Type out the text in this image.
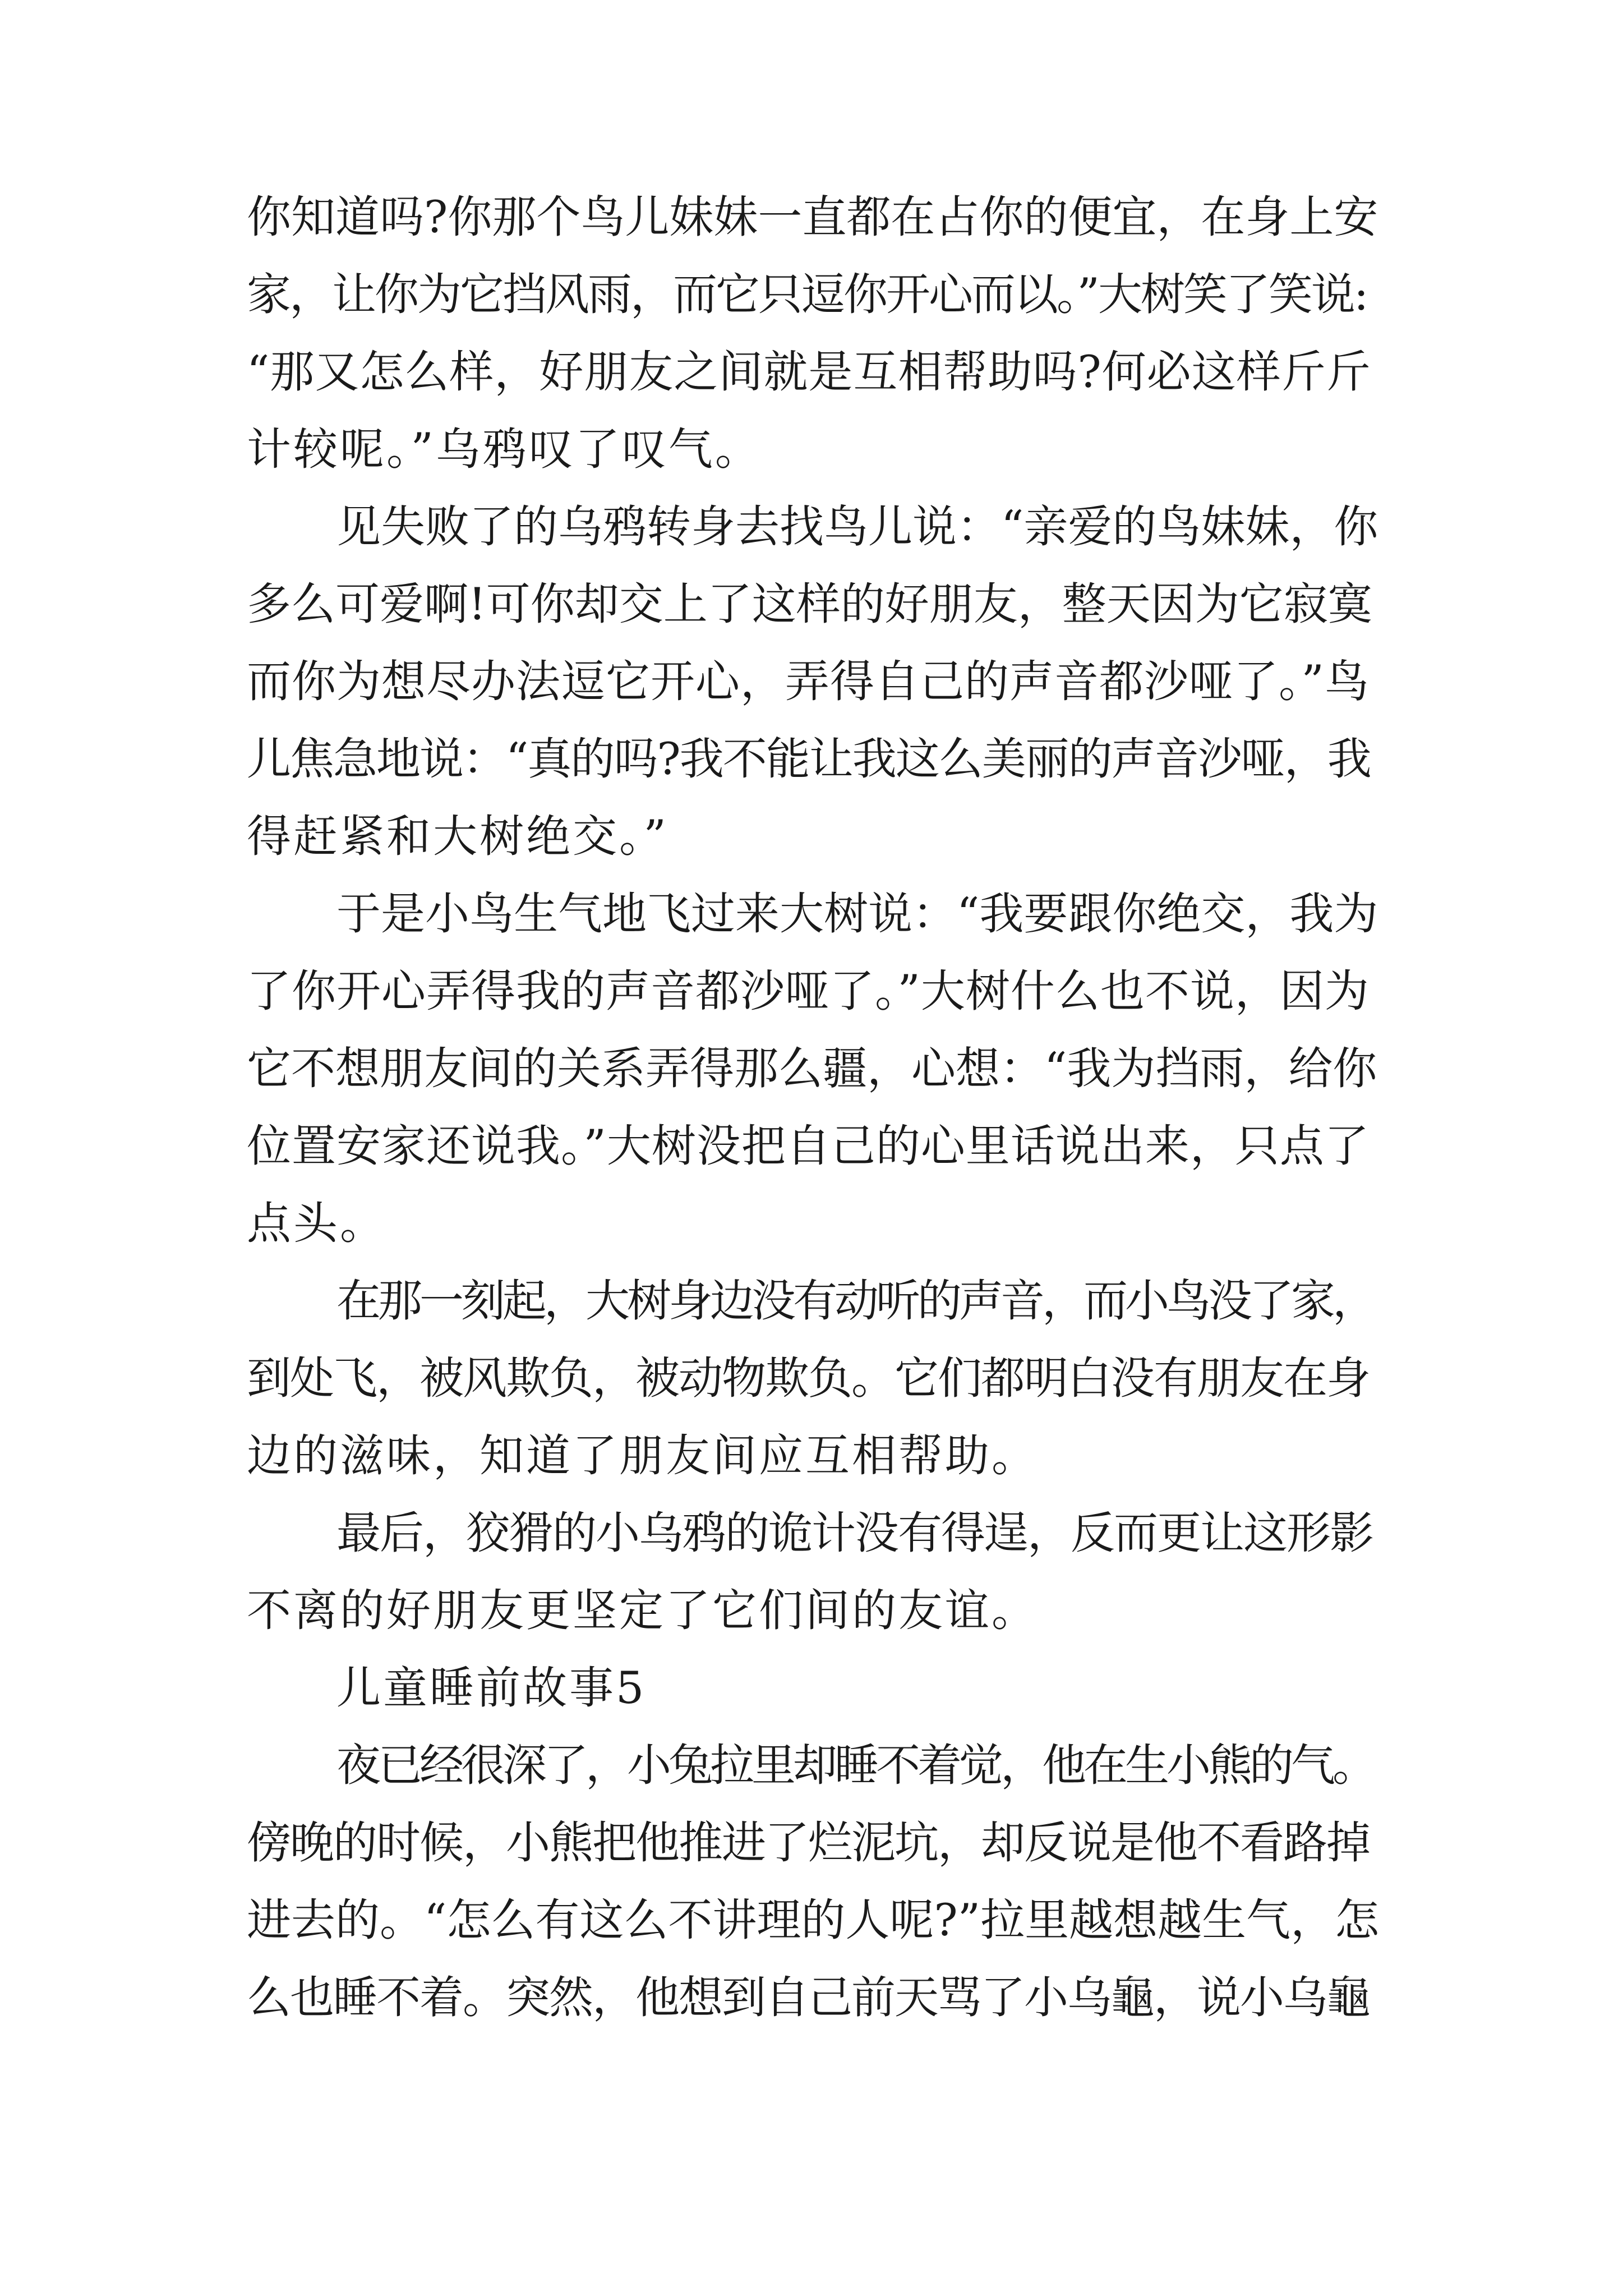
你知道吗?你那个鸟儿妹妹一直都在占你的便宜，在身上安
家，让你为它挡风雨，而它只逗你开心而以。”大树笑了笑说:
“那又怎么样，好朋友之间就是互相帮助吗?何必这样斤斤
计较呢。”乌鸦叹了叹气。
见失败了的乌鸦转身去找鸟儿说：“亲爱的鸟妹妹，你
多么可爱啊!可你却交上了这样的好朋友，整天因为它寂寞
而你为想尽办法逗它开心，弄得自己的声音都沙哑了。”鸟
儿焦急地说：“真的吗?我不能让我这么美丽的声音沙哑，我
得赶紧和大树绝交。”
于是小鸟生气地飞过来大树说：“我要跟你绝交，我为
了你开心弄得我的声音都沙哑了。”大树什么也不说，因为
它不想朋友间的关系弄得那么疆，心想：“我为挡雨，给你
位置安家还说我。”大树没把自己的心里话说出来，只点了
点头。
在那一刻起，大树身边没有动听的声音，而小鸟没了家，
到处飞，被风欺负，被动物欺负。它们都明白没有朋友在身
边的滋味，知道了朋友间应互相帮助。
最后，狡猾的小乌鸦的诡计没有得逞，反而更让这形影
不离的好朋友更坚定了它们间的友谊。
儿童睡前故事5
夜已经很深了，小兔拉里却睡不着觉，他在生小熊的气。
傍晚的时候，小熊把他推进了烂泥坑，却反说是他不看路掉
进去的。“怎么有这么不讲理的人呢?”拉里越想越生气，怎
么也睡不着。突然，他想到自己前天骂了小乌龜，说小乌龜
